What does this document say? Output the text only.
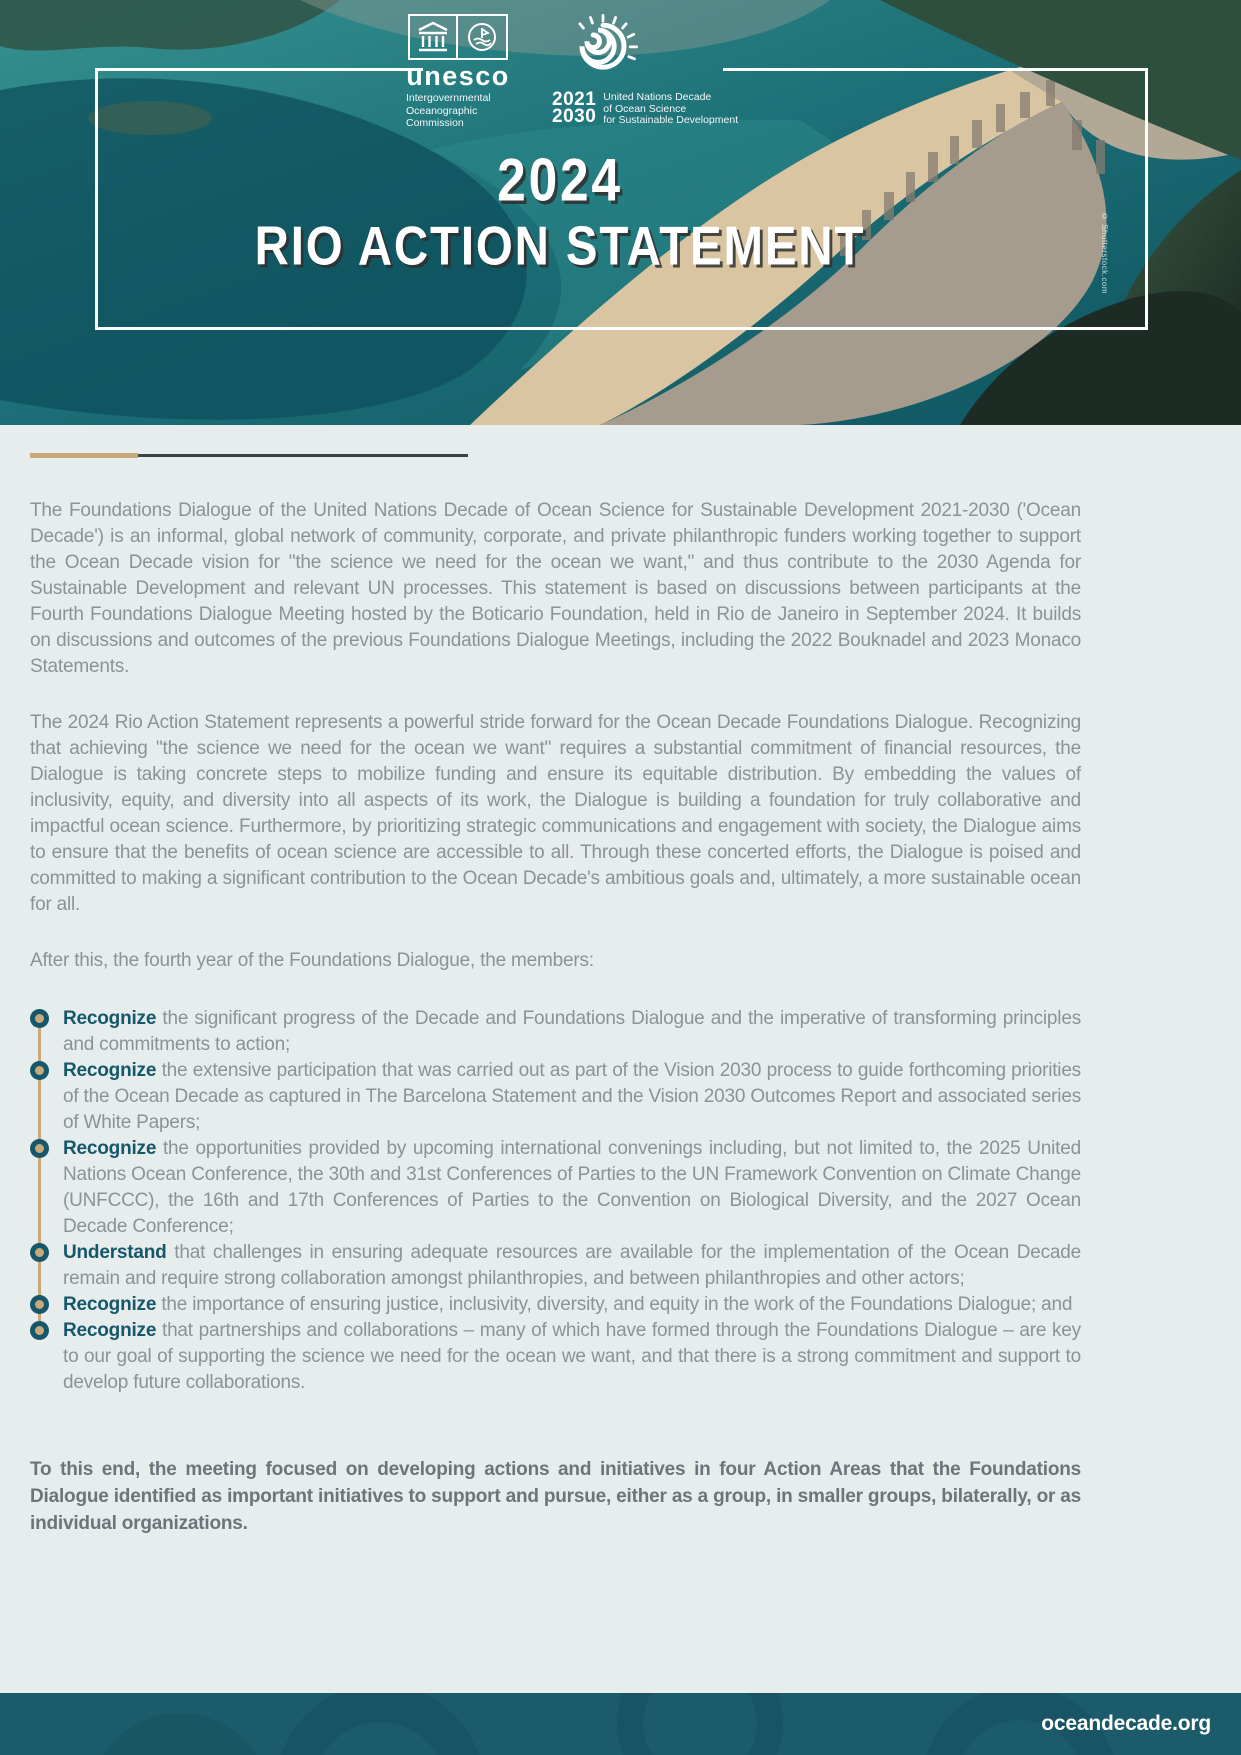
unesco
Intergovernmental
Oceanographic
Commission
2021
2030
United Nations Decade
of Ocean Science
for Sustainable Development
2024
RIO ACTION STATEMENT	© Shutterstock.com

The Foundations Dialogue of the United Nations Decade of Ocean Science for Sustainable Development 2021-2030 ('Ocean Decade') is an informal, global network of community, corporate, and private philanthropic funders working together to support the Ocean Decade vision for "the science we need for the ocean we want," and thus contribute to the 2030 Agenda for Sustainable Development and relevant UN processes. This statement is based on discussions between participants at the Fourth Foundations Dialogue Meeting hosted by the Boticario Foundation, held in Rio de Janeiro in September 2024. It builds on discussions and outcomes of the previous Foundations Dialogue Meetings, including the 2022 Bouknadel and 2023 Monaco Statements.

The 2024 Rio Action Statement represents a powerful stride forward for the Ocean Decade Foundations Dialogue. Recognizing that achieving "the science we need for the ocean we want" requires a substantial commitment of financial resources, the Dialogue is taking concrete steps to mobilize funding and ensure its equitable distribution. By embedding the values of inclusivity, equity, and diversity into all aspects of its work, the Dialogue is building a foundation for truly collaborative and impactful ocean science. Furthermore, by prioritizing strategic communications and engagement with society, the Dialogue aims to ensure that the benefits of ocean science are accessible to all. Through these concerted efforts, the Dialogue is poised and committed to making a significant contribution to the Ocean Decade's ambitious goals and, ultimately, a more sustainable ocean for all.

After this, the fourth year of the Foundations Dialogue, the members:

Recognize the significant progress of the Decade and Foundations Dialogue and the imperative of transforming principles and commitments to action;
Recognize the extensive participation that was carried out as part of the Vision 2030 process to guide forthcoming priorities of the Ocean Decade as captured in The Barcelona Statement and the Vision 2030 Outcomes Report and associated series of White Papers;
Recognize the opportunities provided by upcoming international convenings including, but not limited to, the 2025 United Nations Ocean Conference, the 30th and 31st Conferences of Parties to the UN Framework Convention on Climate Change (UNFCCC), the 16th and 17th Conferences of Parties to the Convention on Biological Diversity, and the 2027 Ocean Decade Conference;
Understand that challenges in ensuring adequate resources are available for the implementation of the Ocean Decade remain and require strong collaboration amongst philanthropies, and between philanthropies and other actors;
Recognize the importance of ensuring justice, inclusivity, diversity, and equity in the work of the Foundations Dialogue; and
Recognize that partnerships and collaborations – many of which have formed through the Foundations Dialogue – are key to our goal of supporting the science we need for the ocean we want, and that there is a strong commitment and support to develop future collaborations.

To this end, the meeting focused on developing actions and initiatives in four Action Areas that the Foundations Dialogue identified as important initiatives to support and pursue, either as a group, in smaller groups, bilaterally, or as individual organizations.

oceandecade.org
